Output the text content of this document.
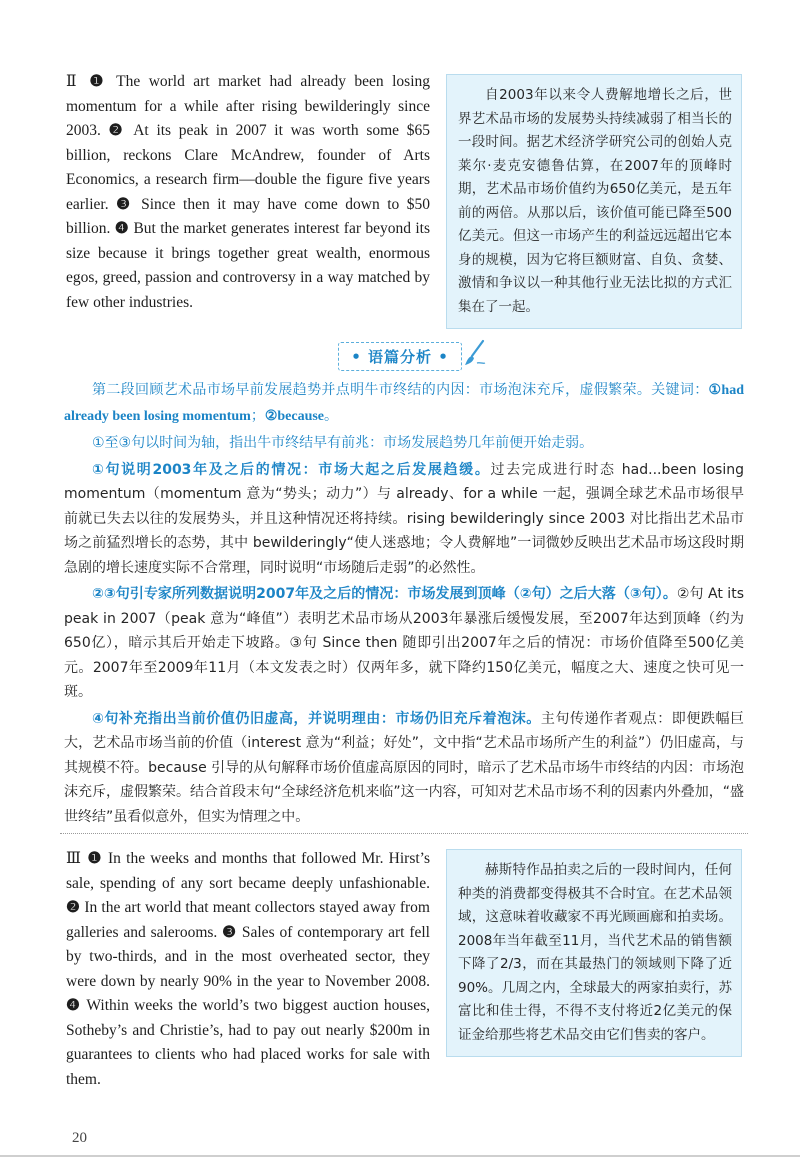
Ⅱ ❶ The world art market had already been losing momentum for a while after rising bewilderingly since 2003. ❷ At its peak in 2007 it was worth some $65 billion, reckons Clare McAndrew, founder of Arts Economics, a research firm—double the figure five years earlier. ❸ Since then it may have come down to $50 billion. ❹ But the market generates interest far beyond its size because it brings together great wealth, enormous egos, greed, passion and controversy in a way matched by few other industries.

自2003年以来令人费解地增长之后，世界艺术品市场的发展势头持续减弱了相当长的一段时间。据艺术经济学研究公司的创始人克莱尔·麦克安德鲁估算，在2007年的顶峰时期，艺术品市场价值约为650亿美元，是五年前的两倍。从那以后，该价值可能已降至500亿美元。但这一市场产生的利益远远超出它本身的规模，因为它将巨额财富、自负、贪婪、激情和争议以一种其他行业无法比拟的方式汇集在了一起。

• 语篇分析 •

第二段回顾艺术品市场早前发展趋势并点明牛市终结的内因：市场泡沫充斥，虚假繁荣。关键词：①had already been losing momentum；②because。

①至③句以时间为轴，指出牛市终结早有前兆：市场发展趋势几年前便开始走弱。

①句说明2003年及之后的情况：市场大起之后发展趋缓。过去完成进行时态 had...been losing momentum（momentum 意为“势头；动力”）与 already、for a while 一起，强调全球艺术品市场很早前就已失去以往的发展势头，并且这种情况还将持续。rising bewilderingly since 2003 对比指出艺术品市场之前猛烈增长的态势，其中 bewilderingly“使人迷惑地；令人费解地”一词微妙反映出艺术品市场这段时期急剧的增长速度实际不合常理，同时说明“市场随后走弱”的必然性。

②③句引专家所列数据说明2007年及之后的情况：市场发展到顶峰（②句）之后大落（③句）。②句 At its peak in 2007（peak 意为“峰值”）表明艺术品市场从2003年暴涨后缓慢发展，至2007年达到顶峰（约为650亿），暗示其后开始走下坡路。③句 Since then 随即引出2007年之后的情况：市场价值降至500亿美元。2007年至2009年11月（本文发表之时）仅两年多，就下降约150亿美元，幅度之大、速度之快可见一斑。

④句补充指出当前价值仍旧虚高，并说明理由：市场仍旧充斥着泡沫。主句传递作者观点：即便跌幅巨大，艺术品市场当前的价值（interest 意为“利益；好处”，文中指“艺术品市场所产生的利益”）仍旧虚高，与其规模不符。because 引导的从句解释市场价值虚高原因的同时，暗示了艺术品市场牛市终结的内因：市场泡沫充斥，虚假繁荣。结合首段末句“全球经济危机来临”这一内容，可知对艺术品市场不利的因素内外叠加，“盛世终结”虽看似意外，但实为情理之中。

Ⅲ ❶ In the weeks and months that followed Mr. Hirst’s sale, spending of any sort became deeply unfashionable. ❷ In the art world that meant collectors stayed away from galleries and salerooms. ❸ Sales of contemporary art fell by two-thirds, and in the most overheated sector, they were down by nearly 90% in the year to November 2008. ❹ Within weeks the world’s two biggest auction houses, Sotheby’s and Christie’s, had to pay out nearly $200m in guarantees to clients who had placed works for sale with them.

赫斯特作品拍卖之后的一段时间内，任何种类的消费都变得极其不合时宜。在艺术品领域，这意味着收藏家不再光顾画廊和拍卖场。2008年当年截至11月，当代艺术品的销售额下降了2/3，而在其最热门的领域则下降了近90%。几周之内，全球最大的两家拍卖行，苏富比和佳士得，不得不支付将近2亿美元的保证金给那些将艺术品交由它们售卖的客户。

20
